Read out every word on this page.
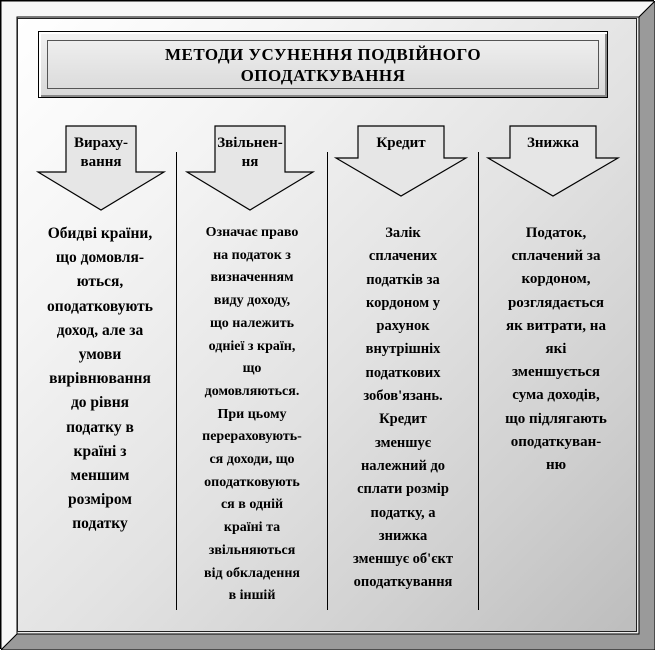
МЕТОДИ УСУНЕННЯ ПОДВІЙНОГО
ОПОДАТКУВАННЯ
Вираху-
вання
Звільнен-
ня
Кредит	Знижка
Обидві країни,
що домовля-
ються,
оподатковують
доход, але за
умови
вирівнювання
до рівня
податку в
країні з
меншим
розміром
податку
Означає право
на податок з
визначенням
виду доходу,
що належить
одніеї з країн,
що
домовляються.
При цьому
перераховують-
ся доходи, що
оподатковують
ся в одній
країні та
звільняються
від обкладення
в іншій
Залік
сплачених
податків за
кордоном у
рахунок
внутрішніх
податкових
зобов'язань.
Кредит
зменшує
належний до
сплати розмір
податку, а
знижка
зменшує об'єкт
оподаткування
Податок,
сплачений за
кордоном,
розглядається
як витрати, на
які
зменшується
сума доходів,
що підлягають
оподаткуван-
ню
